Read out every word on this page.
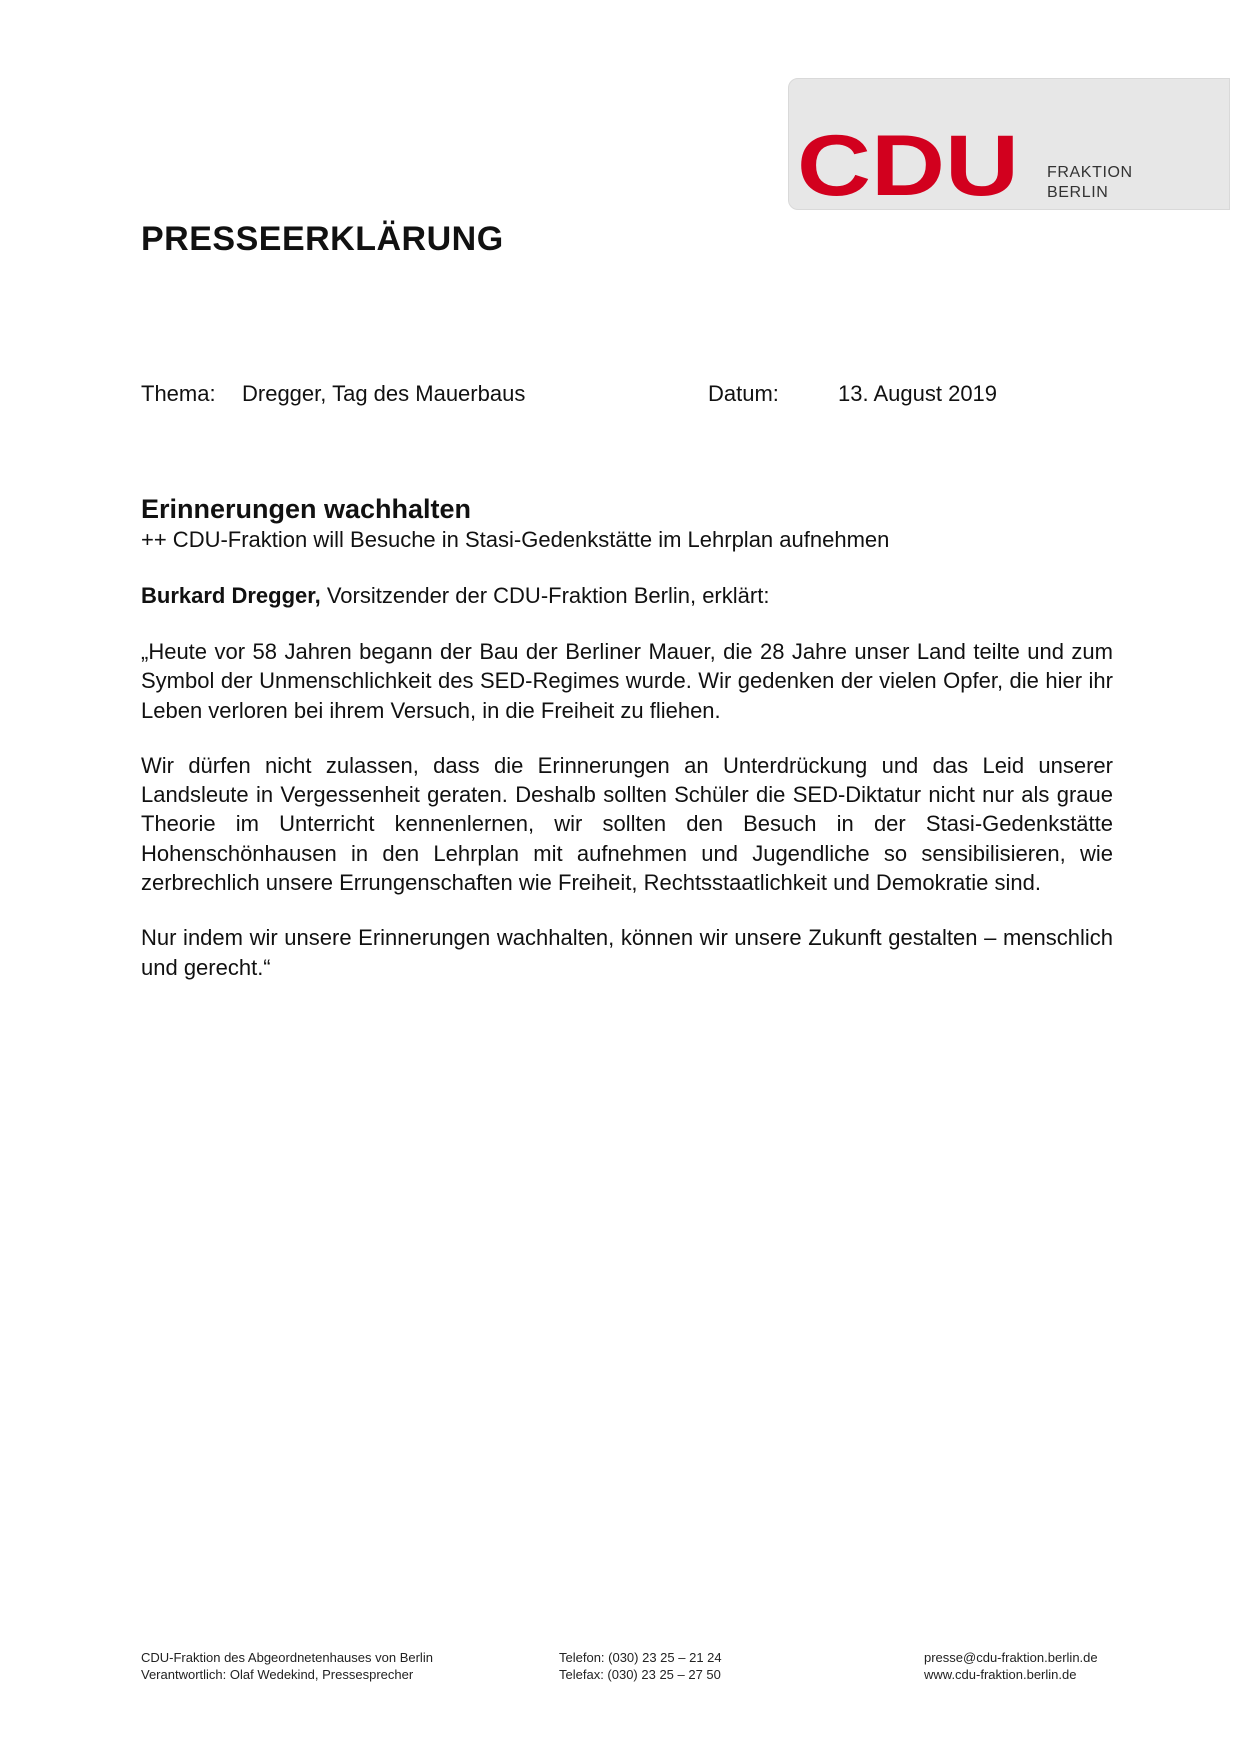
CDU FRAKTION
BERLIN
PRESSEERKLÄRUNG
Thema: Dregger, Tag des Mauerbaus	Datum:	13. August 2019
Erinnerungen wachhalten

++ CDU-Fraktion will Besuche in Stasi-Gedenkstätte im Lehrplan aufnehmen

Burkard Dregger, Vorsitzender der CDU-Fraktion Berlin, erklärt:

„Heute vor 58 Jahren begann der Bau der Berliner Mauer, die 28 Jahre unser Land teilte und zum Symbol der Unmenschlichkeit des SED-Regimes wurde. Wir gedenken der vielen Opfer, die hier ihr Leben verloren bei ihrem Versuch, in die Freiheit zu fliehen.

Wir dürfen nicht zulassen, dass die Erinnerungen an Unterdrückung und das Leid unserer Landsleute in Vergessenheit geraten. Deshalb sollten Schüler die SED-Diktatur nicht nur als graue Theorie im Unterricht kennenlernen, wir sollten den Besuch in der Stasi-Gedenkstätte Hohenschönhausen in den Lehrplan mit aufnehmen und Jugendliche so sensibilisieren, wie zerbrechlich unsere Errungenschaften wie Freiheit, Rechtsstaatlichkeit und Demokratie sind.

Nur indem wir unsere Erinnerungen wachhalten, können wir unsere Zukunft gestalten – menschlich und gerecht.“

CDU-Fraktion des Abgeordnetenhauses von Berlin
Verantwortlich: Olaf Wedekind, Pressesprecher
Telefon: (030) 23 25 – 21 24
Telefax: (030) 23 25 – 27 50
presse@cdu-fraktion.berlin.de
www.cdu-fraktion.berlin.de
